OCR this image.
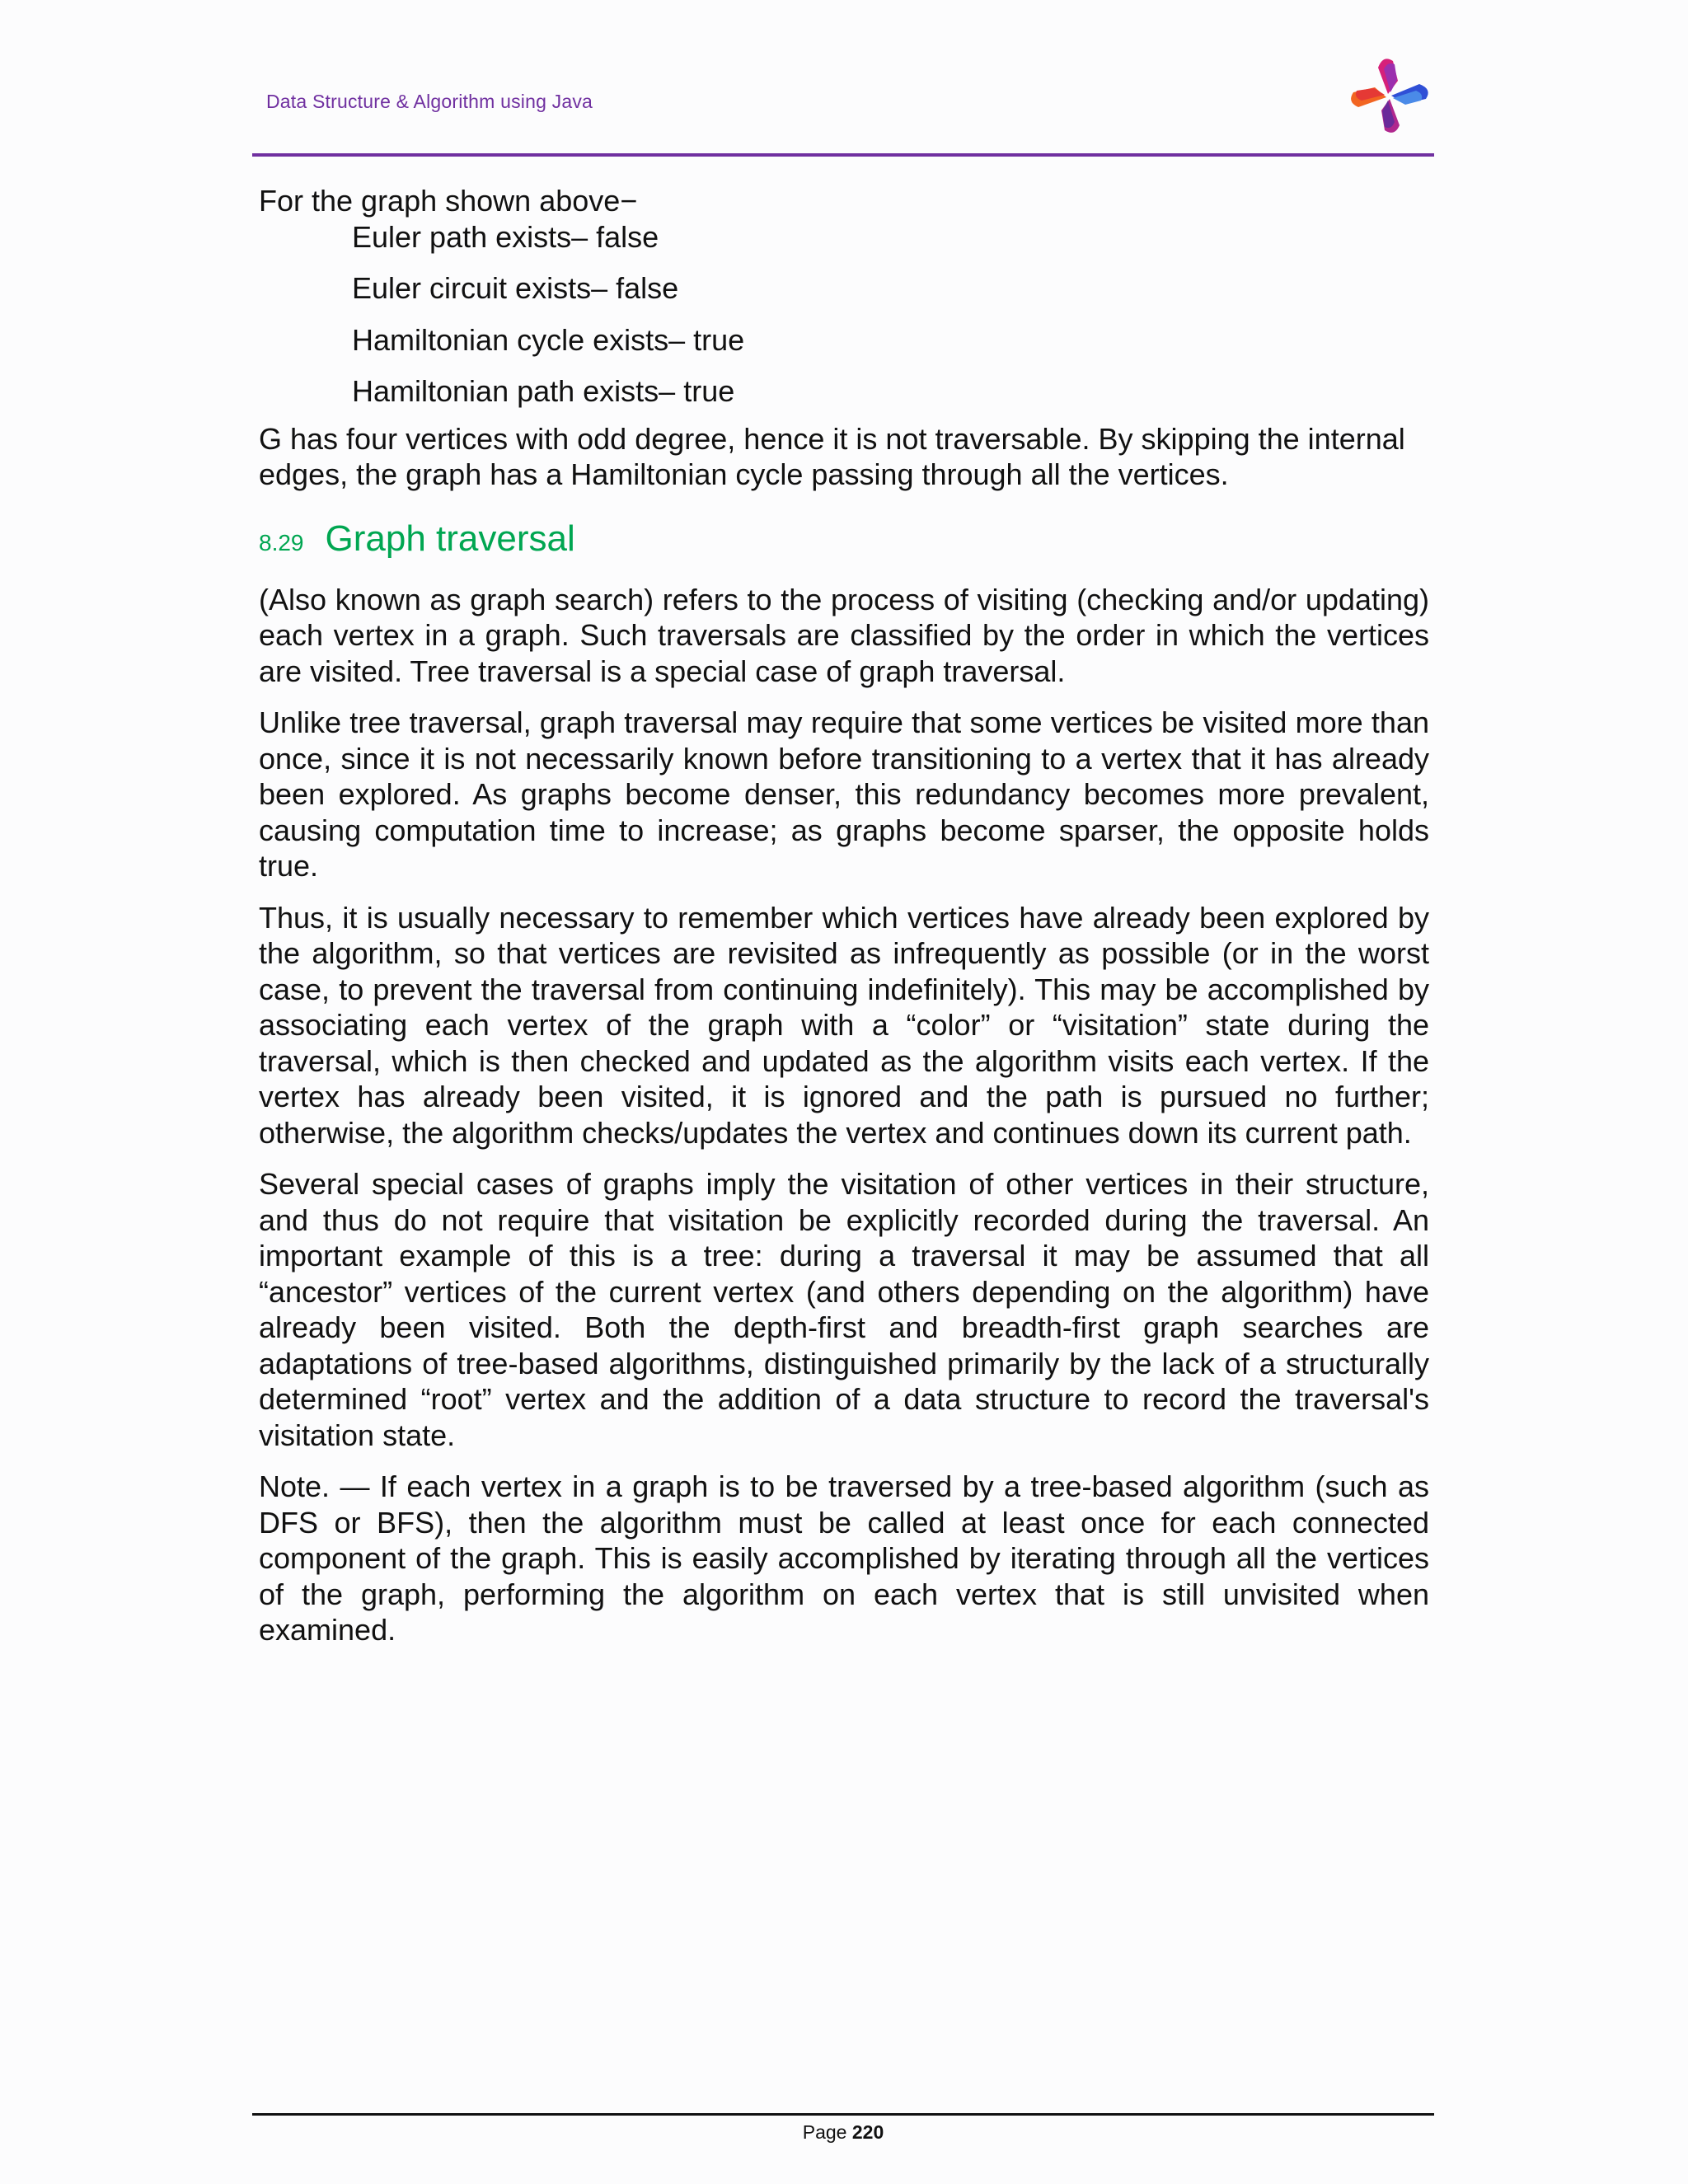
Data Structure & Algorithm using Java

For the graph shown above−

Euler path exists– false
Euler circuit exists– false
Hamiltonian cycle exists– true
Hamiltonian path exists– true

G has four vertices with odd degree, hence it is not traversable. By skipping the internal edges, the graph has a Hamiltonian cycle passing through all the vertices.

8.29 Graph traversal

(Also known as graph search) refers to the process of visiting (checking and/or updating) each vertex in a graph. Such traversals are classified by the order in which the vertices are visited. Tree traversal is a special case of graph traversal.

Unlike tree traversal, graph traversal may require that some vertices be visited more than once, since it is not necessarily known before transitioning to a vertex that it has already been explored. As graphs become denser, this redundancy becomes more prevalent, causing computation time to increase; as graphs become sparser, the opposite holds true.

Thus, it is usually necessary to remember which vertices have already been explored by the algorithm, so that vertices are revisited as infrequently as possible (or in the worst case, to prevent the traversal from continuing indefinitely). This may be accomplished by associating each vertex of the graph with a “color” or “visitation” state during the traversal, which is then checked and updated as the algorithm visits each vertex. If the vertex has already been visited, it is ignored and the path is pursued no further; otherwise, the algorithm checks/updates the vertex and continues down its current path.

Several special cases of graphs imply the visitation of other vertices in their structure, and thus do not require that visitation be explicitly recorded during the traversal. An important example of this is a tree: during a traversal it may be assumed that all “ancestor” vertices of the current vertex (and others depending on the algorithm) have already been visited. Both the depth-first and breadth-first graph searches are adaptations of tree-based algorithms, distinguished primarily by the lack of a structurally determined “root” vertex and the addition of a data structure to record the traversal's visitation state.

Note. — If each vertex in a graph is to be traversed by a tree-based algorithm (such as DFS or BFS), then the algorithm must be called at least once for each connected component of the graph. This is easily accomplished by iterating through all the vertices of the graph, performing the algorithm on each vertex that is still unvisited when examined.

Page 220
